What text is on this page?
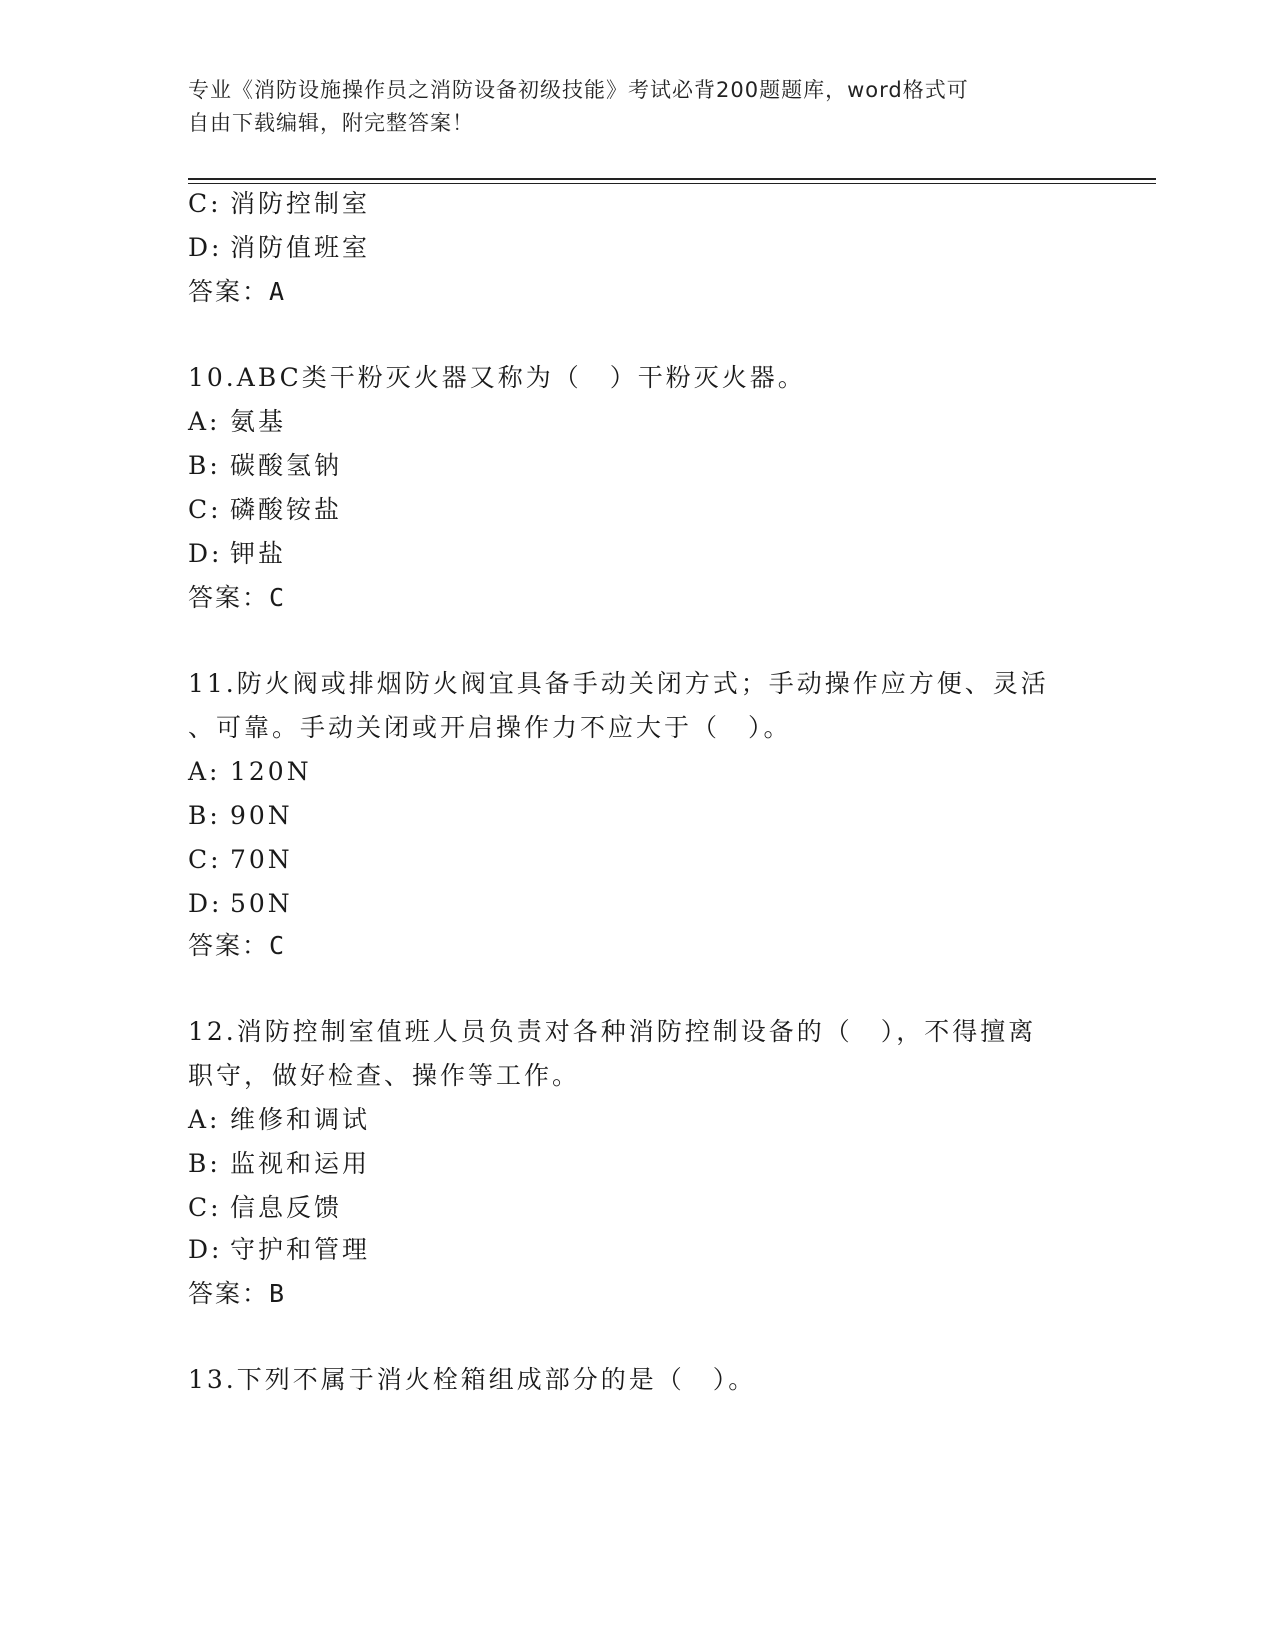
专业《消防设施操作员之消防设备初级技能》考试必背200题题库，word格式可
自由下载编辑，附完整答案！
C: 消防控制室
D: 消防值班室
答案：A
10.ABC类干粉灭火器又称为（　）干粉灭火器。
A: 氨基
B: 碳酸氢钠
C: 磷酸铵盐
D: 钾盐
答案：C
11.防火阀或排烟防火阀宜具备手动关闭方式；手动操作应方便、灵活
、可靠。手动关闭或开启操作力不应大于（　）。
A: 120N
B: 90N
C: 70N
D: 50N
答案：C
12.消防控制室值班人员负责对各种消防控制设备的（　），不得擅离
职守，做好检查、操作等工作。
A: 维修和调试
B: 监视和运用
C: 信息反馈
D: 守护和管理
答案：B
13.下列不属于消火栓箱组成部分的是（　）。
